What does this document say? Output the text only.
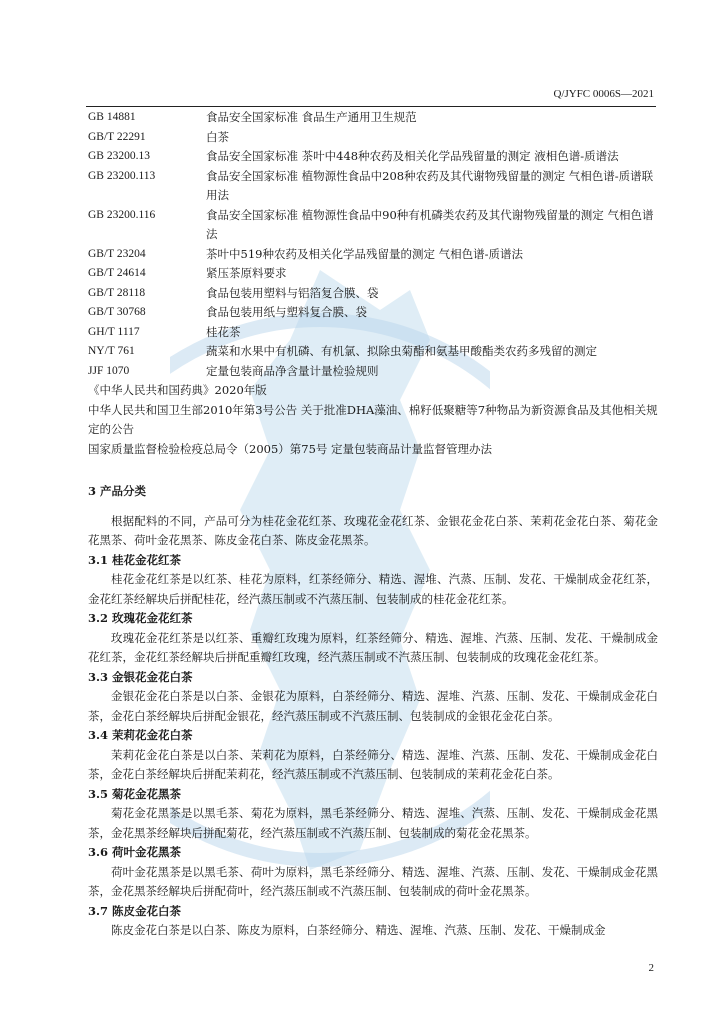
Q/JYFC 0006S—2021
GB 14881	食品安全国家标准 食品生产通用卫生规范
GB/T 22291	白茶
GB 23200.13	食品安全国家标准 茶叶中448种农药及相关化学品残留量的测定 液相色谱-质谱法
GB 23200.113	食品安全国家标准 植物源性食品中208种农药及其代谢物残留量的测定 气相色谱-质谱联用法
GB 23200.116	食品安全国家标准 植物源性食品中90种有机磷类农药及其代谢物残留量的测定 气相色谱法
GB/T 23204	茶叶中519种农药及相关化学品残留量的测定 气相色谱-质谱法
GB/T 24614	紧压茶原料要求
GB/T 28118	食品包装用塑料与铝箔复合膜、袋
GB/T 30768	食品包装用纸与塑料复合膜、袋
GH/T 1117	桂花茶
NY/T 761	蔬菜和水果中有机磷、有机氯、拟除虫菊酯和氨基甲酸酯类农药多残留的测定
JJF 1070	定量包装商品净含量计量检验规则
《中华人民共和国药典》2020年版
中华人民共和国卫生部2010年第3号公告 关于批准DHA藻油、棉籽低聚糖等7种物品为新资源食品及其他相关规定的公告
国家质量监督检验检疫总局令（2005）第75号 定量包装商品计量监督管理办法
3 产品分类
根据配料的不同，产品可分为桂花金花红茶、玫瑰花金花红茶、金银花金花白茶、茉莉花金花白茶、菊花金花黑茶、荷叶金花黑茶、陈皮金花白茶、陈皮金花黑茶。
3.1 桂花金花红茶
桂花金花红茶是以红茶、桂花为原料，红茶经筛分、精选、渥堆、汽蒸、压制、发花、干燥制成金花红茶，金花红茶经解块后拼配桂花，经汽蒸压制或不汽蒸压制、包装制成的桂花金花红茶。
3.2 玫瑰花金花红茶
玫瑰花金花红茶是以红茶、重瓣红玫瑰为原料，红茶经筛分、精选、渥堆、汽蒸、压制、发花、干燥制成金花红茶，金花红茶经解块后拼配重瓣红玫瑰，经汽蒸压制或不汽蒸压制、包装制成的玫瑰花金花红茶。
3.3 金银花金花白茶
金银花金花白茶是以白茶、金银花为原料，白茶经筛分、精选、渥堆、汽蒸、压制、发花、干燥制成金花白茶，金花白茶经解块后拼配金银花，经汽蒸压制或不汽蒸压制、包装制成的金银花金花白茶。
3.4 茉莉花金花白茶
茉莉花金花白茶是以白茶、茉莉花为原料，白茶经筛分、精选、渥堆、汽蒸、压制、发花、干燥制成金花白茶，金花白茶经解块后拼配茉莉花，经汽蒸压制或不汽蒸压制、包装制成的茉莉花金花白茶。
3.5 菊花金花黑茶
菊花金花黑茶是以黑毛茶、菊花为原料，黑毛茶经筛分、精选、渥堆、汽蒸、压制、发花、干燥制成金花黑茶，金花黑茶经解块后拼配菊花，经汽蒸压制或不汽蒸压制、包装制成的菊花金花黑茶。
3.6 荷叶金花黑茶
荷叶金花黑茶是以黑毛茶、荷叶为原料，黑毛茶经筛分、精选、渥堆、汽蒸、压制、发花、干燥制成金花黑茶，金花黑茶经解块后拼配荷叶，经汽蒸压制或不汽蒸压制、包装制成的荷叶金花黑茶。
3.7 陈皮金花白茶
陈皮金花白茶是以白茶、陈皮为原料，白茶经筛分、精选、渥堆、汽蒸、压制、发花、干燥制成金
2
